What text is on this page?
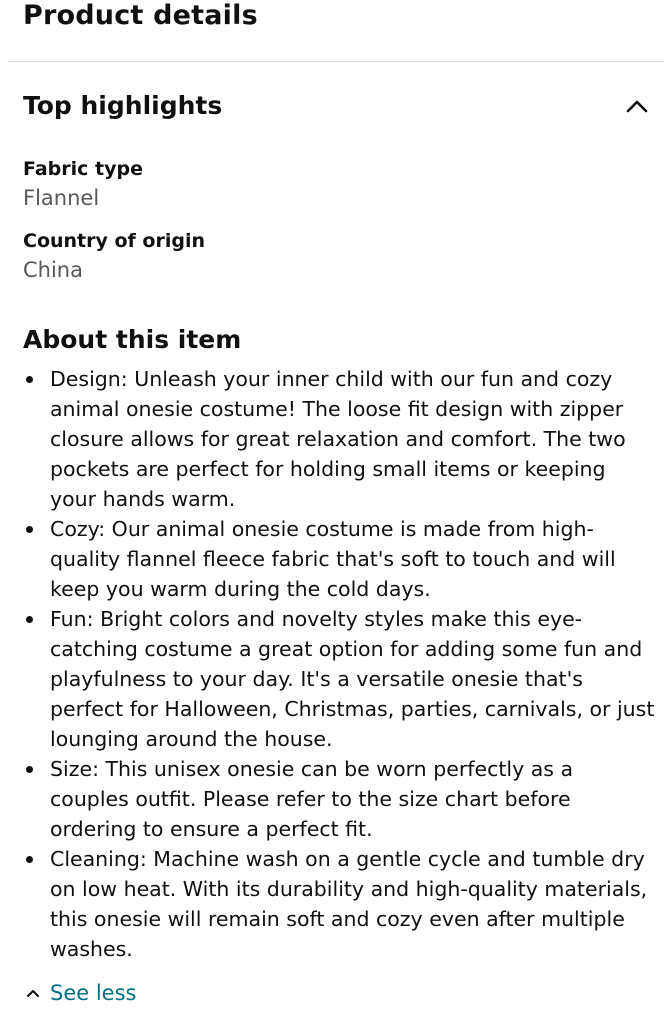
Product details
Top highlights
Fabric type
Flannel
Country of origin
China
About this item
Design: Unleash your inner child with our fun and cozy animal onesie costume! The loose fit design with zipper closure allows for great relaxation and comfort. The two pockets are perfect for holding small items or keeping your hands warm.
Cozy: Our animal onesie costume is made from high-quality flannel fleece fabric that's soft to touch and will keep you warm during the cold days.
Fun: Bright colors and novelty styles make this eye-catching costume a great option for adding some fun and playfulness to your day. It's a versatile onesie that's perfect for Halloween, Christmas, parties, carnivals, or just lounging around the house.
Size: This unisex onesie can be worn perfectly as a couples outfit. Please refer to the size chart before ordering to ensure a perfect fit.
Cleaning: Machine wash on a gentle cycle and tumble dry on low heat. With its durability and high-quality materials, this onesie will remain soft and cozy even after multiple washes.
See less
